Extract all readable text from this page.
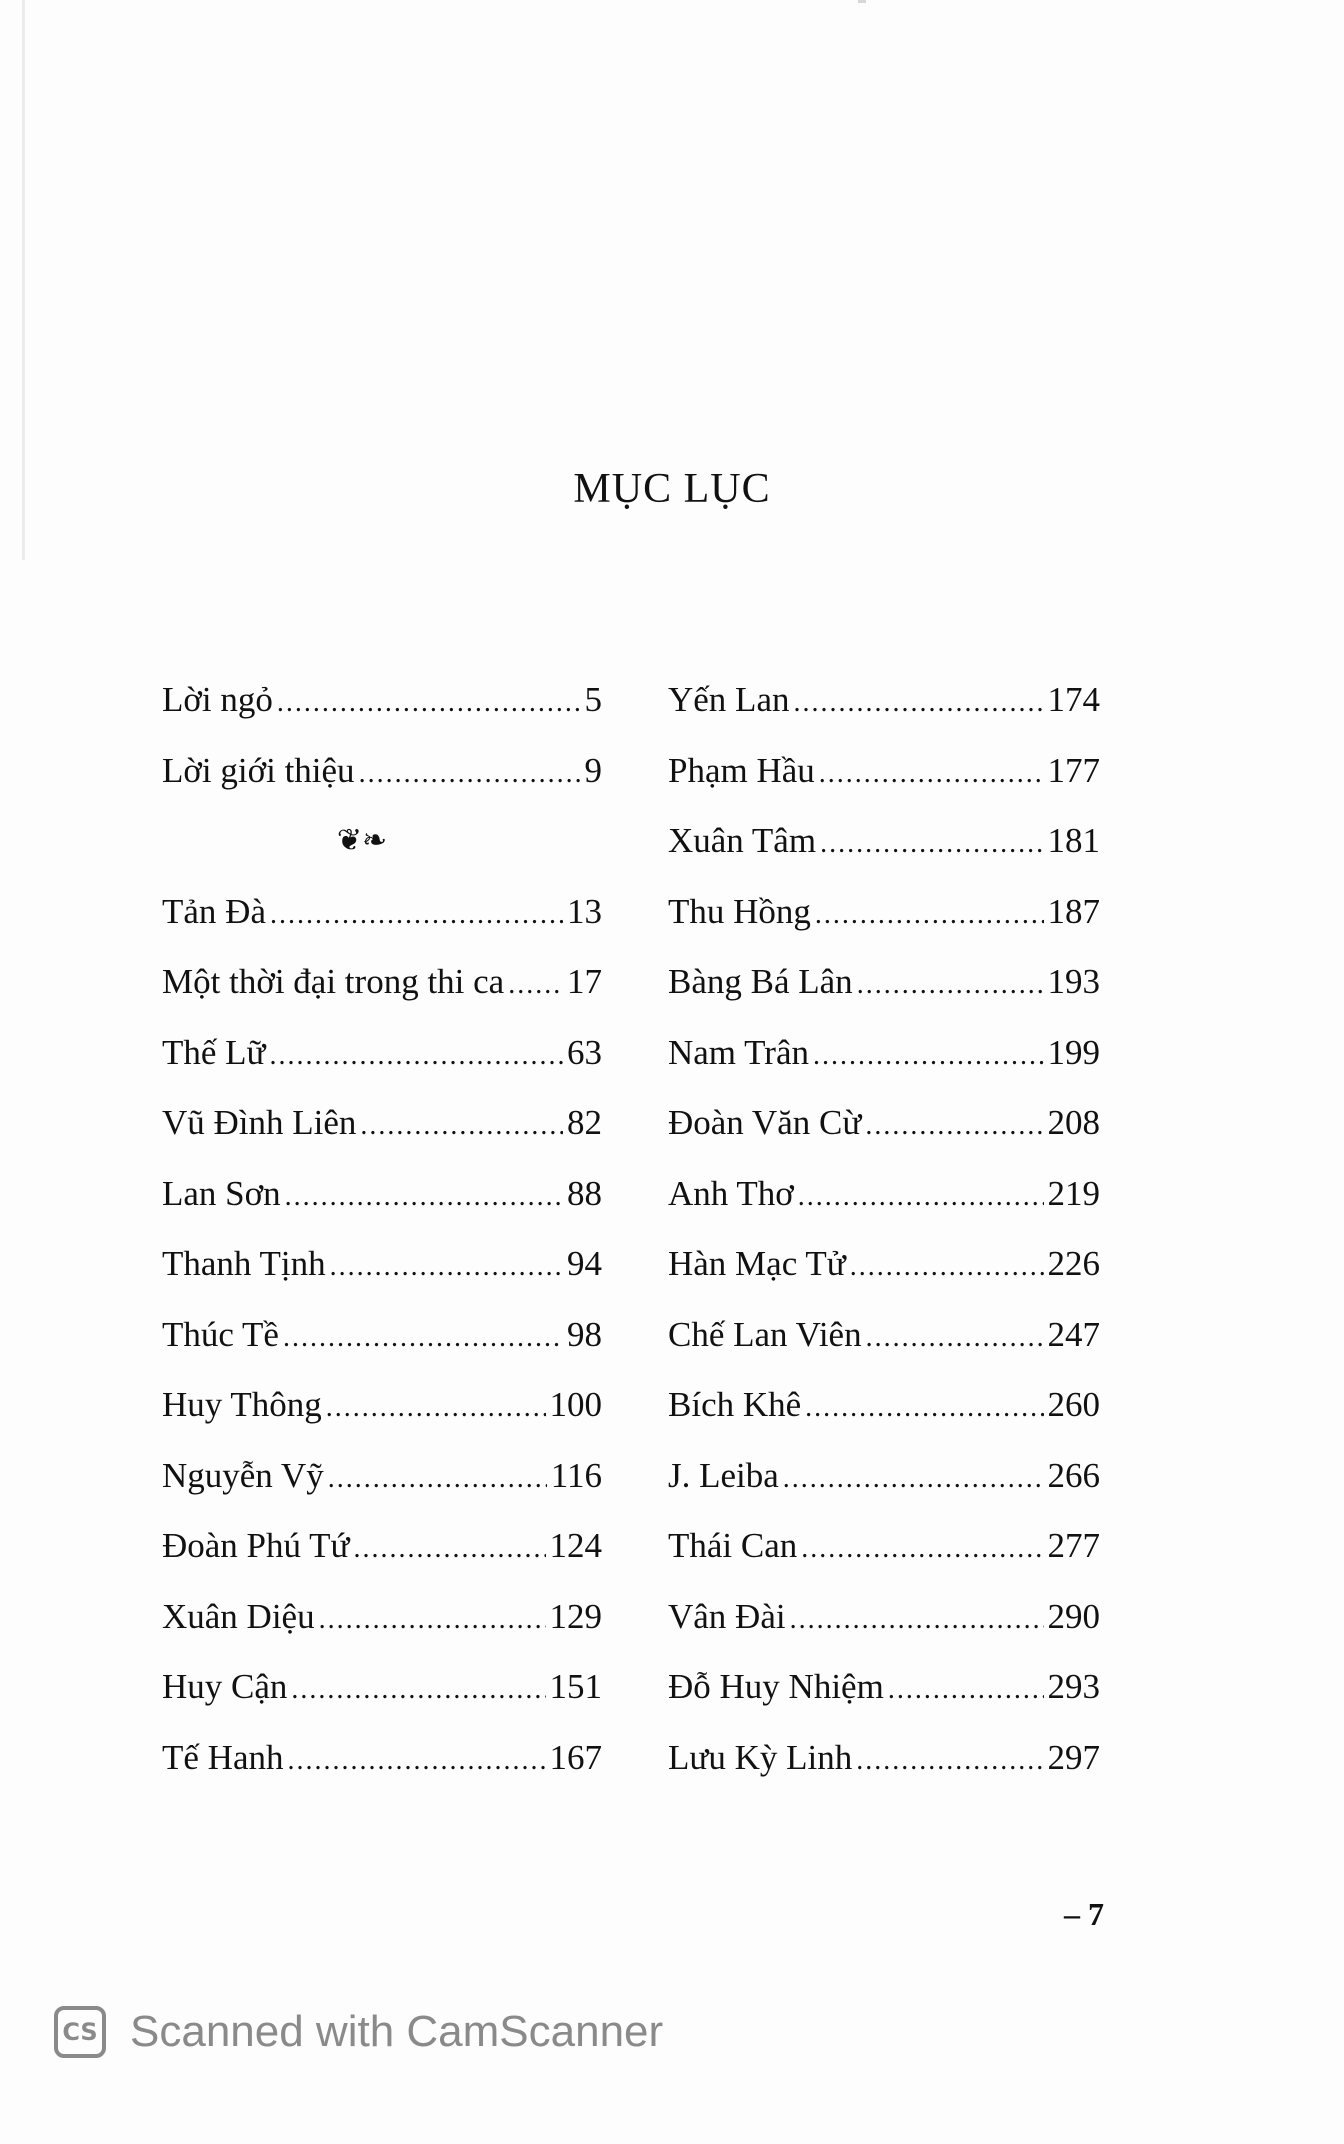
MỤC LỤC
Lời ngỏ .....	5
Lời giới thiệu .....	9
❦❧
Tản Đà .....	13
Một thời đại trong thi ca ..... 17
Thế Lữ .....	63
Vũ Đình Liên .....	82
Lan Sơn .....	88
Thanh Tịnh .....	94
Thúc Tề .....	98
Huy Thông .....	100
Nguyễn Vỹ .....	116
Đoàn Phú Tứ .....	124
Xuân Diệu .....	129
Huy Cận .....	151
Tế Hanh .....	167
Yến Lan .....	174
Phạm Hầu .....	177
Xuân Tâm .....	181
Thu Hồng .....	187
Bàng Bá Lân .....	193
Nam Trân .....	199
Đoàn Văn Cừ .....	208
Anh Thơ .....	219
Hàn Mạc Tử .....	226
Chế Lan Viên .....	247
Bích Khê .....	260
J. Leiba .....	266
Thái Can .....	277
Vân Đài .....	290
Đỗ Huy Nhiệm .....	293
Lưu Kỳ Linh .....	297
– 7
CS Scanned with CamScanner
